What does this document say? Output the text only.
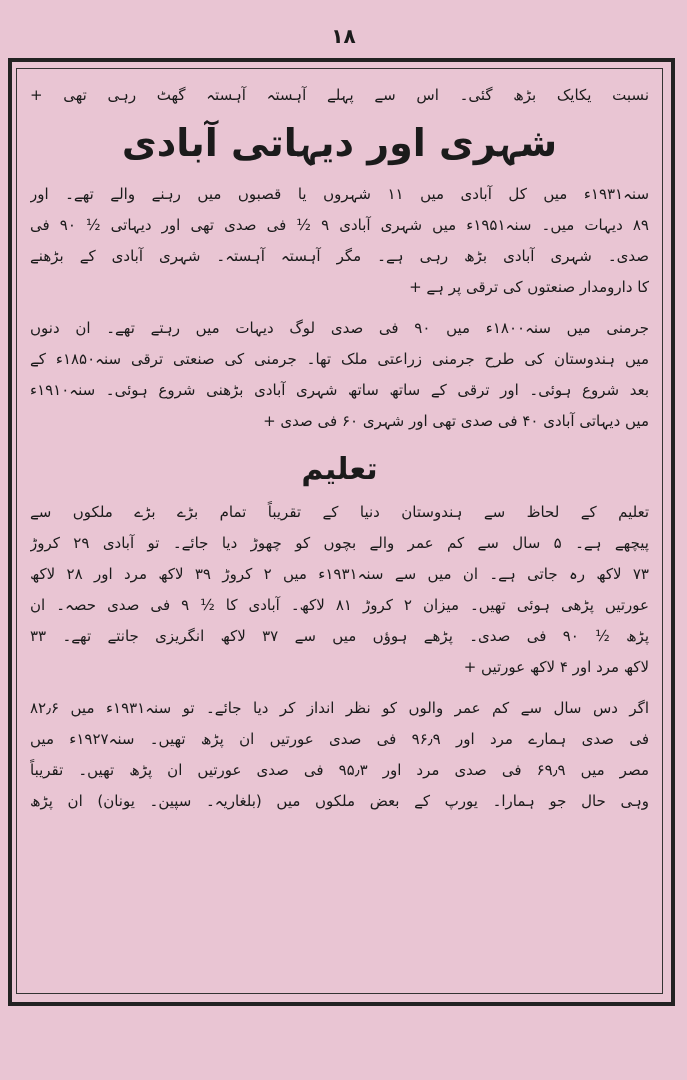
۱۸
نسبت یکایک بڑھ گئی۔ اس سے پہلے آہستہ آہستہ گھٹ رہی تھی +
شہری اور دیہاتی آبادی
سنہ۱۹۳۱ء میں کل آبادی میں ۱۱ شہروں یا قصبوں میں رہنے والے تھے۔ اور
۸۹ دیہات میں۔ سنہ۱۹۵۱ء میں شہری آبادی ۹ ½ فی صدی تھی اور دیہاتی ½ ۹۰ فی
صدی۔ شہری آبادی بڑھ رہی ہے۔ مگر آہستہ آہستہ۔ شہری آبادی کے بڑھنے
کا دارومدار صنعتوں کی ترقی پر ہے +
جرمنی میں سنہ۱۸۰۰ء میں ۹۰ فی صدی لوگ دیہات میں رہتے تھے۔ ان دنوں
میں ہندوستان کی طرح جرمنی زراعتی ملک تھا۔ جرمنی کی صنعتی ترقی سنہ۱۸۵۰ء کے
بعد شروع ہوئی۔ اور ترقی کے ساتھ ساتھ شہری آبادی بڑھنی شروع ہوئی۔ سنہ۱۹۱۰ء
میں دیہاتی آبادی ۴۰ فی صدی تھی اور شہری ۶۰ فی صدی +
تعلیم
تعلیم کے لحاظ سے ہندوستان دنیا کے تقریباً تمام بڑے بڑے ملکوں سے
پیچھے ہے۔ ۵ سال سے کم عمر والے بچوں کو چھوڑ دیا جائے۔ تو آبادی ۲۹ کروڑ
۷۳ لاکھ رہ جاتی ہے۔ ان میں سے سنہ۱۹۳۱ء میں ۲ کروڑ ۳۹ لاکھ مرد اور ۲۸ لاکھ
عورتیں پڑھی ہوئی تھیں۔ میزان ۲ کروڑ ۸۱ لاکھ۔ آبادی کا ½ ۹ فی صدی حصہ۔ ان
پڑھ ½ ۹۰ فی صدی۔ پڑھے ہوؤں میں سے ۳۷ لاکھ انگریزی جانتے تھے۔ ۳۳
لاکھ مرد اور ۴ لاکھ عورتیں +
اگر دس سال سے کم عمر والوں کو نظر انداز کر دیا جائے۔ تو سنہ۱۹۳۱ء میں ۸۲٫۶
فی صدی ہمارے مرد اور ۹۶٫۹ فی صدی عورتیں ان پڑھ تھیں۔ سنہ۱۹۲۷ء میں
مصر میں ۶۹٫۹ فی صدی مرد اور ۹۵٫۳ فی صدی عورتیں ان پڑھ تھیں۔ تقریباً
وہی حال جو ہمارا۔ یورپ کے بعض ملکوں میں (بلغاریہ۔ سپین۔ یونان) ان پڑھ
